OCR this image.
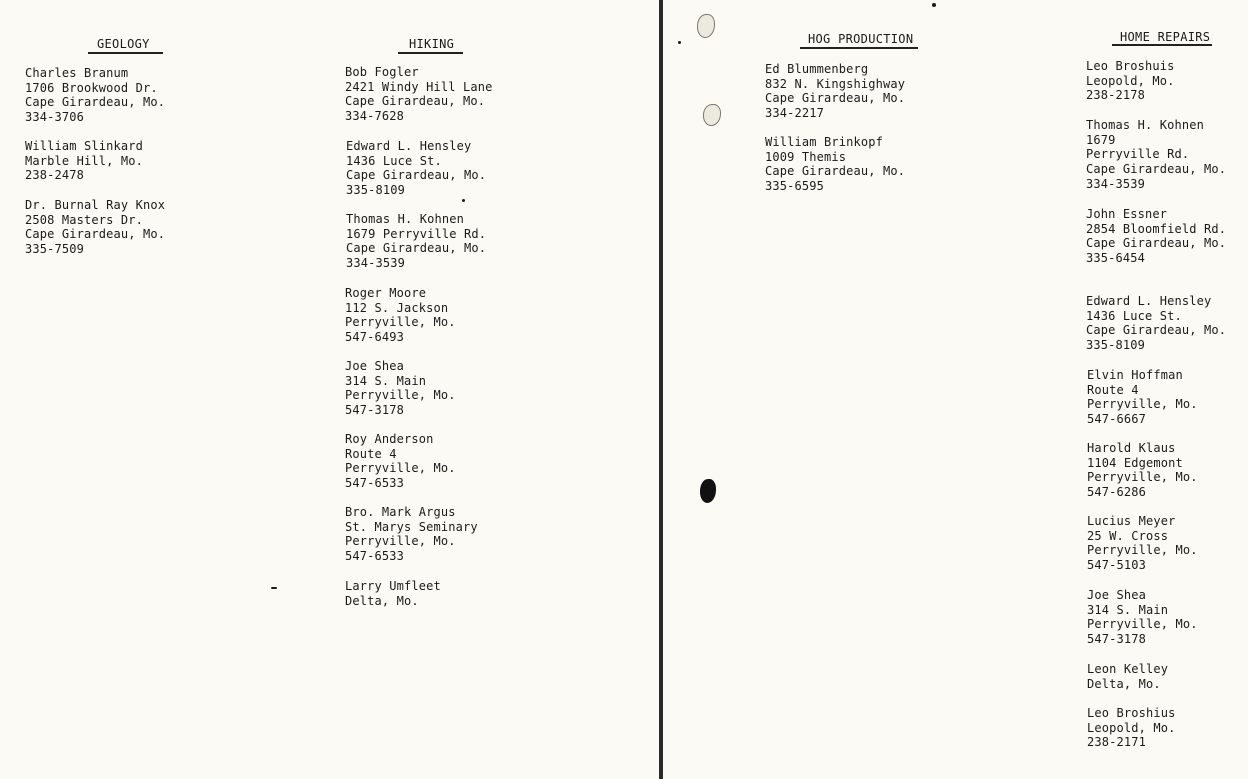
GEOLOGY
Charles Branum
1706 Brookwood Dr.
Cape Girardeau, Mo.
334-3706
William Slinkard
Marble Hill, Mo.
238-2478
Dr. Burnal Ray Knox
2508 Masters Dr.
Cape Girardeau, Mo.
335-7509
HIKING
Bob Fogler
2421 Windy Hill Lane
Cape Girardeau, Mo.
334-7628
Edward L. Hensley
1436 Luce St.
Cape Girardeau, Mo.
335-8109
Thomas H. Kohnen
1679 Perryville Rd.
Cape Girardeau, Mo.
334-3539
Roger Moore
112 S. Jackson
Perryville, Mo.
547-6493
Joe Shea
314 S. Main
Perryville, Mo.
547-3178
Roy Anderson
Route 4
Perryville, Mo.
547-6533
Bro. Mark Argus
St. Marys Seminary
Perryville, Mo.
547-6533
Larry Umfleet
Delta, Mo.
HOG PRODUCTION
Ed Blummenberg
832 N. Kingshighway
Cape Girardeau, Mo.
334-2217
William Brinkopf
1009 Themis
Cape Girardeau, Mo.
335-6595
HOME REPAIRS
Leo Broshuis
Leopold, Mo.
238-2178
Thomas H. Kohnen
1679
Perryville Rd.
Cape Girardeau, Mo.
334-3539
John Essner
2854 Bloomfield Rd.
Cape Girardeau, Mo.
335-6454
Edward L. Hensley
1436 Luce St.
Cape Girardeau, Mo.
335-8109
Elvin Hoffman
Route 4
Perryville, Mo.
547-6667
Harold Klaus
1104 Edgemont
Perryville, Mo.
547-6286
Lucius Meyer
25 W. Cross
Perryville, Mo.
547-5103
Joe Shea
314 S. Main
Perryville, Mo.
547-3178
Leon Kelley
Delta, Mo.
Leo Broshius
Leopold, Mo.
238-2171
